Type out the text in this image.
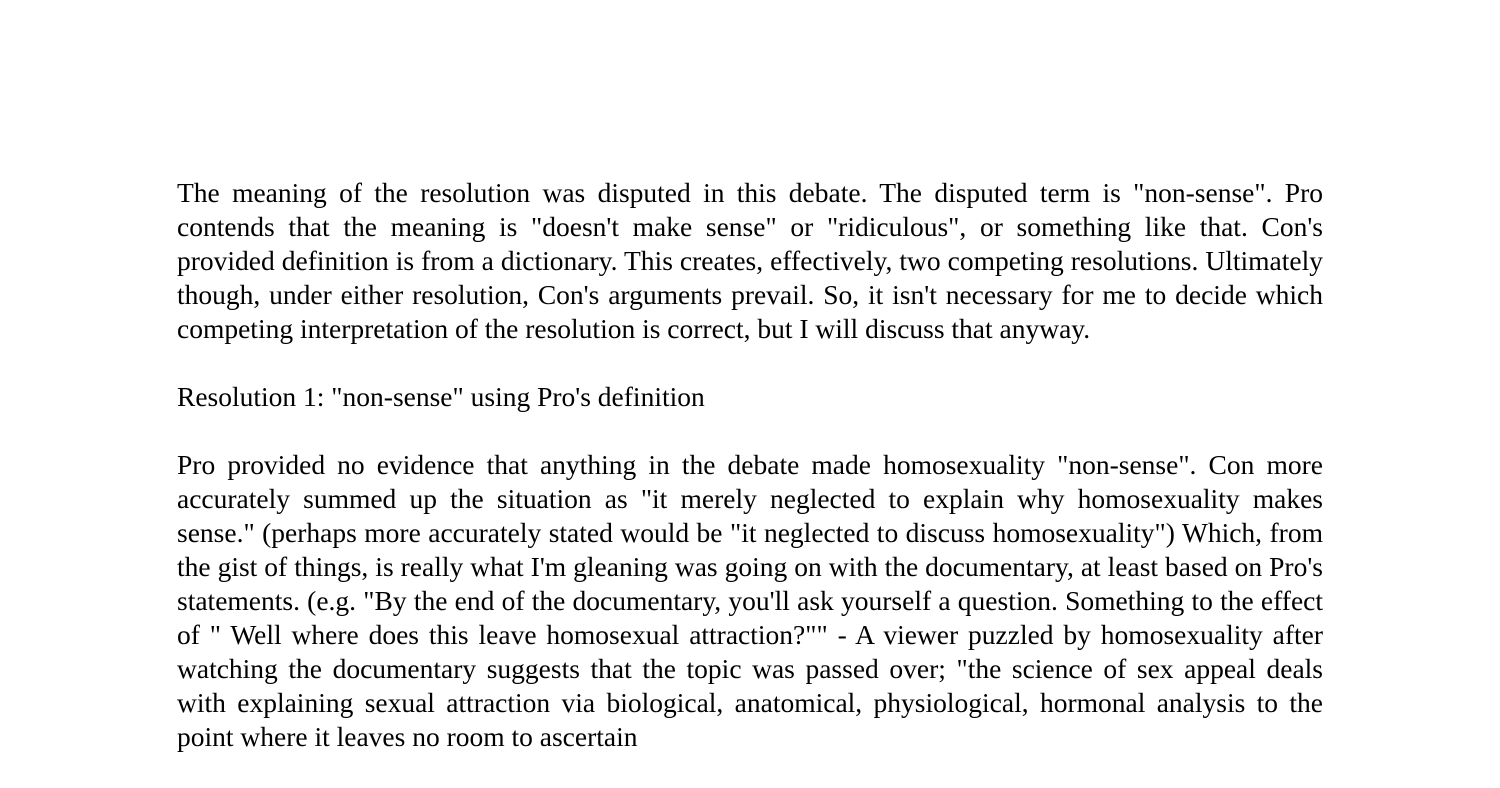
The meaning of the resolution was disputed in this debate. The disputed term is "non-sense". Pro contends that the meaning is "doesn't make sense" or "ridiculous", or something like that. Con's provided definition is from a dictionary. This creates, effectively, two competing resolutions. Ultimately though, under either resolution, Con's arguments prevail. So, it isn't necessary for me to decide which competing interpretation of the resolution is correct, but I will discuss that anyway.

Resolution 1: "non-sense" using Pro's definition

Pro provided no evidence that anything in the debate made homosexuality "non-sense". Con more accurately summed up the situation as "it merely neglected to explain why homosexuality makes sense." (perhaps more accurately stated would be "it neglected to discuss homosexuality") Which, from the gist of things, is really what I'm gleaning was going on with the documentary, at least based on Pro's statements. (e.g. "By the end of the documentary, you'll ask yourself a question. Something to the effect of " Well where does this leave homosexual attraction?"" - A viewer puzzled by homosexuality after watching the documentary suggests that the topic was passed over; "the science of sex appeal deals with explaining sexual attraction via biological, anatomical, physiological, hormonal analysis to the point where it leaves no room to ascertain
